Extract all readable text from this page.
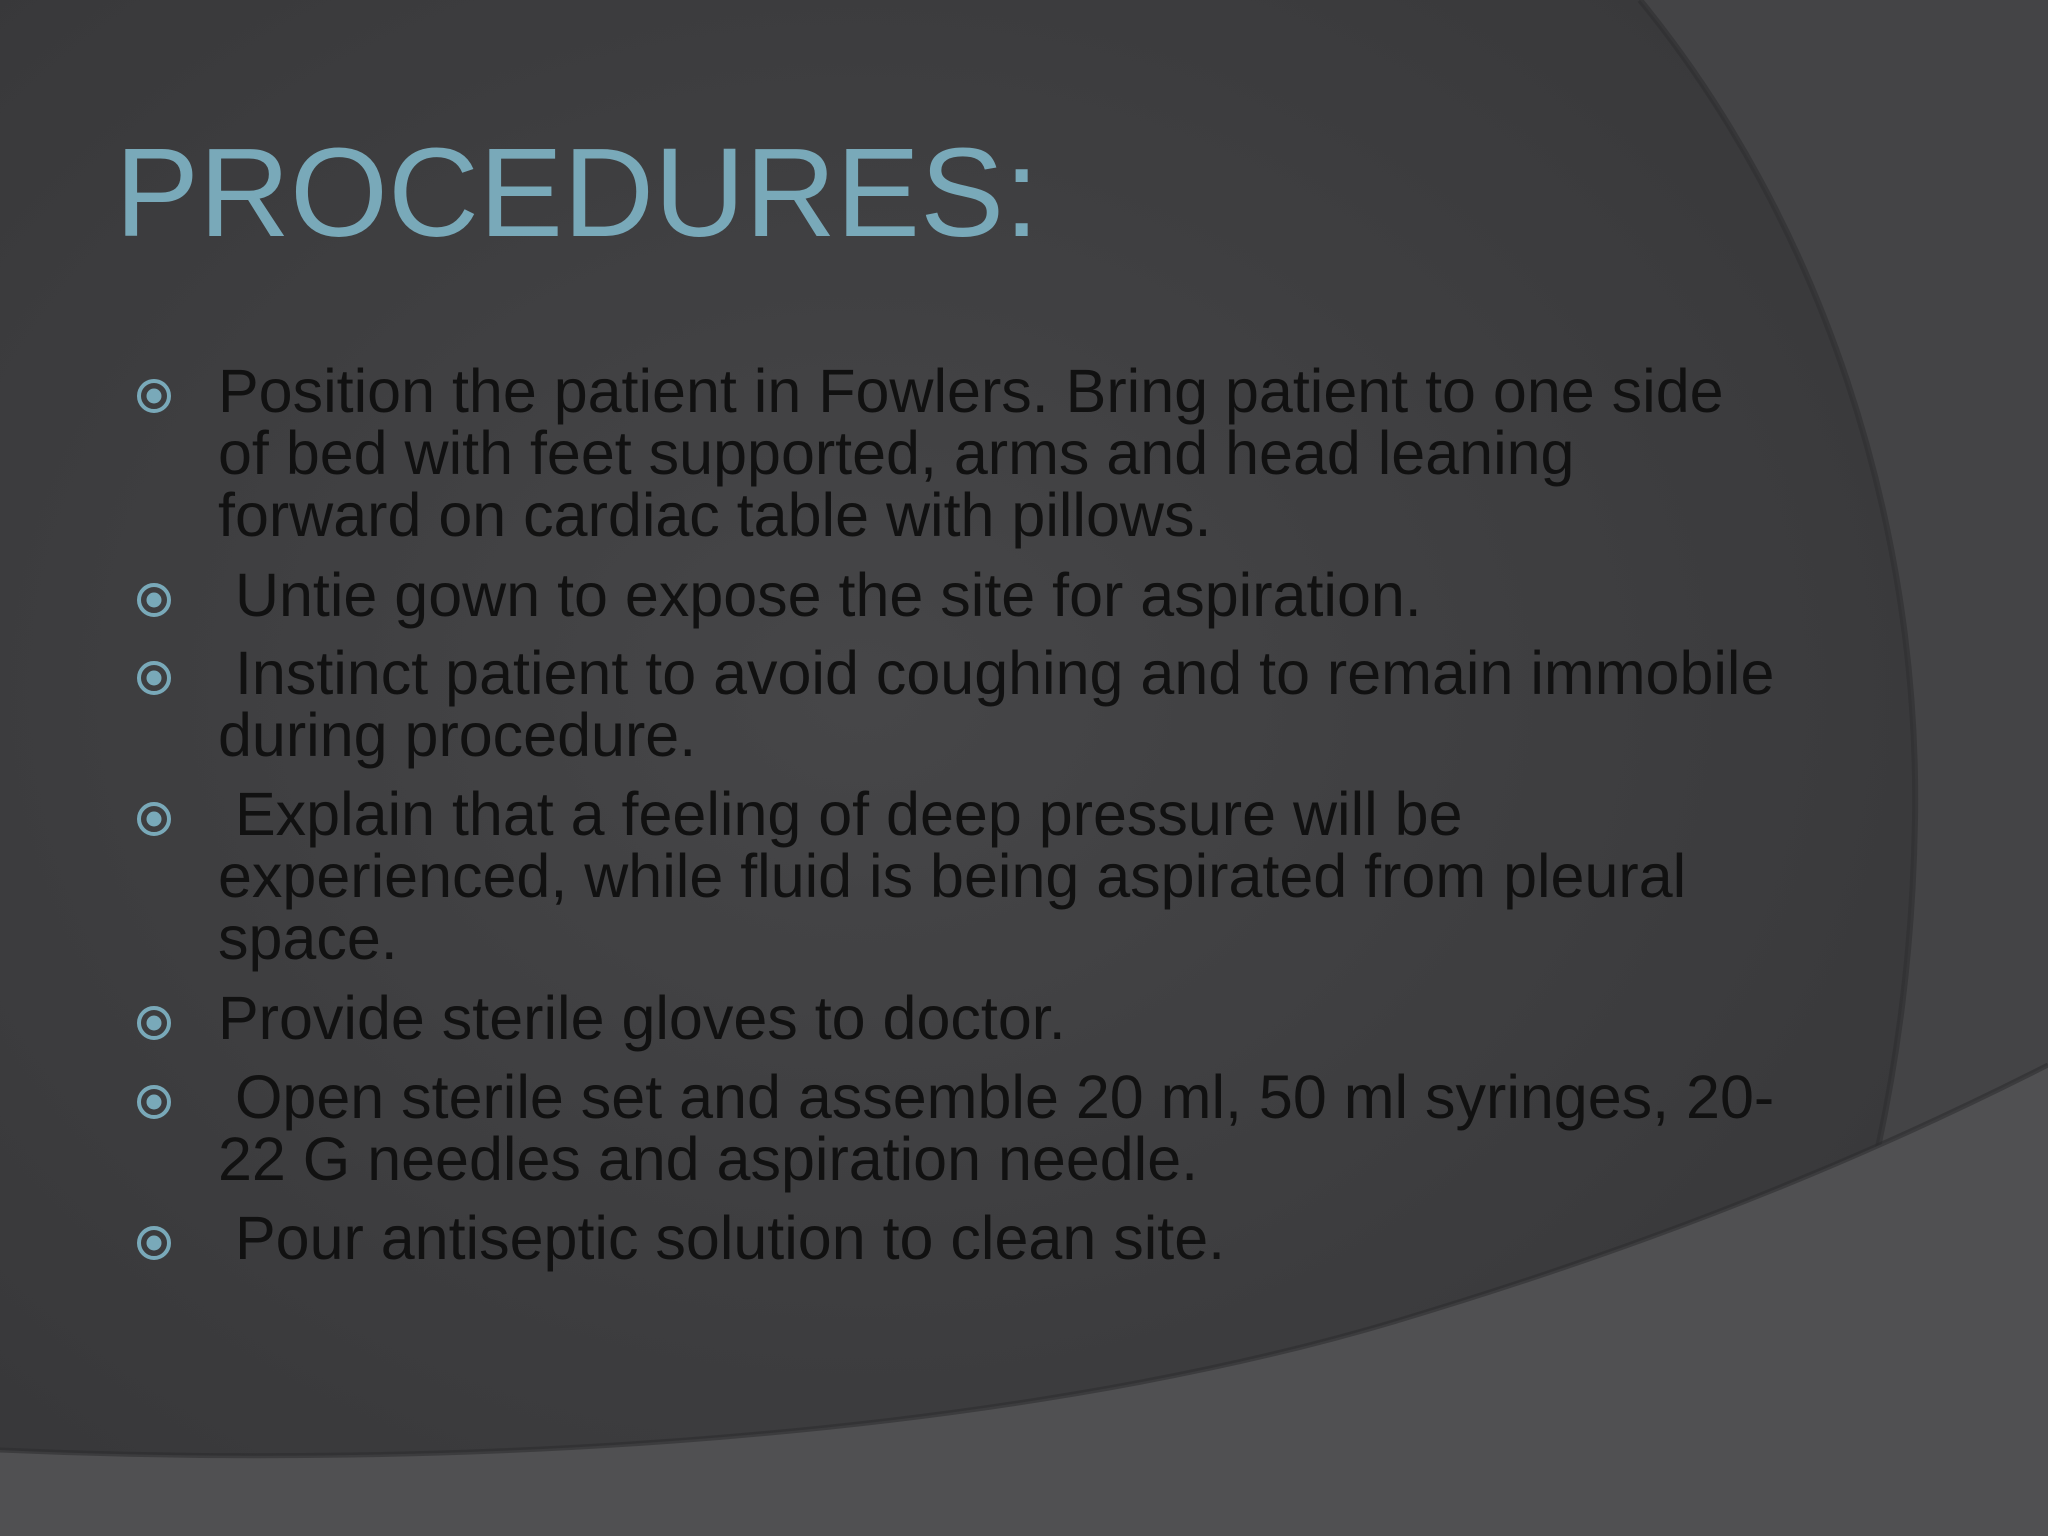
PROCEDURES:
Position the patient in Fowlers. Bring patient to one side of bed with feet supported, arms and head leaning forward on cardiac table with pillows.
Untie gown to expose the site for aspiration.
Instinct patient to avoid coughing and to remain immobile during procedure.
Explain that a feeling of deep pressure will be experienced, while fluid is being aspirated from pleural space.
Provide sterile gloves to doctor.
Open sterile set and assemble 20 ml, 50 ml syringes, 20-22 G needles and aspiration needle.
Pour antiseptic solution to clean site.
